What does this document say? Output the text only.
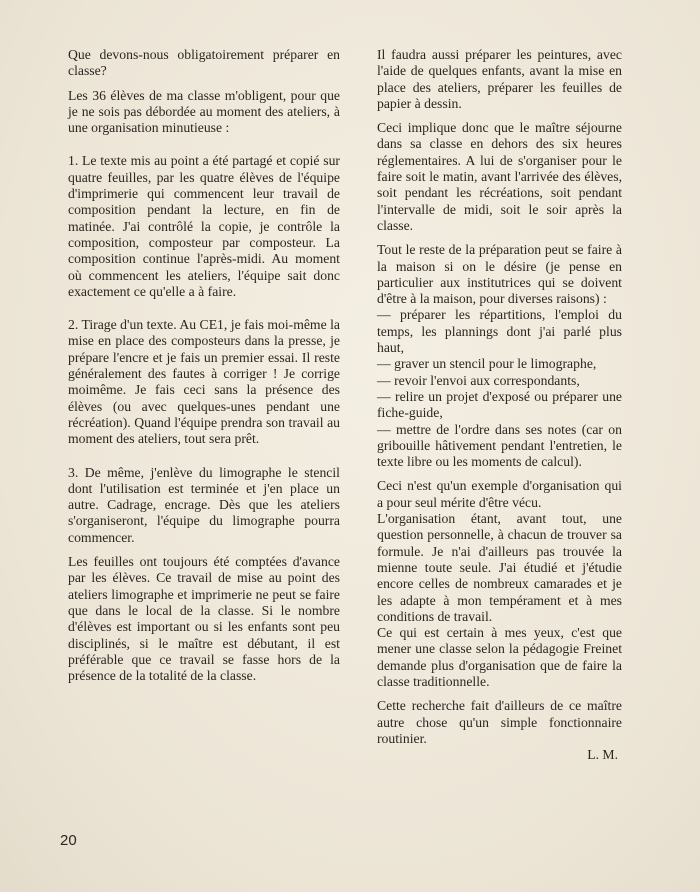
Que devons-nous obligatoirement préparer en classe?

Les 36 élèves de ma classe m'obligent, pour que je ne sois pas débordée au moment des ateliers, à une organisation minutieuse :

1. Le texte mis au point a été partagé et copié sur quatre feuilles, par les quatre élèves de l'équipe d'imprimerie qui commencent leur travail de composition pendant la lecture, en fin de matinée. J'ai contrôlé la copie, je contrôle la composition, composteur par composteur. La composition continue l'après-midi. Au moment où commencent les ateliers, l'équipe sait donc exactement ce qu'elle a à faire.

2. Tirage d'un texte. Au CE1, je fais moi-même la mise en place des composteurs dans la presse, je prépare l'encre et je fais un premier essai. Il reste généralement des fautes à corriger ! Je corrige moimême. Je fais ceci sans la présence des élèves (ou avec quelques-unes pendant une récréation). Quand l'équipe prendra son travail au moment des ateliers, tout sera prêt.

3. De même, j'enlève du limographe le stencil dont l'utilisation est terminée et j'en place un autre. Cadrage, encrage. Dès que les ateliers s'organiseront, l'équipe du limographe pourra commencer.

Les feuilles ont toujours été comptées d'avance par les élèves. Ce travail de mise au point des ateliers limographe et imprimerie ne peut se faire que dans le local de la classe. Si le nombre d'élèves est important ou si les enfants sont peu disciplinés, si le maître est débutant, il est préférable que ce travail se fasse hors de la présence de la totalité de la classe.

Il faudra aussi préparer les peintures, avec l'aide de quelques enfants, avant la mise en place des ateliers, préparer les feuilles de papier à dessin.

Ceci implique donc que le maître séjourne dans sa classe en dehors des six heures réglementaires. A lui de s'organiser pour le faire soit le matin, avant l'arrivée des élèves, soit pendant les récréations, soit pendant l'intervalle de midi, soit le soir après la classe.

Tout le reste de la préparation peut se faire à la maison si on le désire (je pense en particulier aux institutrices qui se doivent d'être à la maison, pour diverses raisons) :

— préparer les répartitions, l'emploi du temps, les plannings dont j'ai parlé plus haut,

— graver un stencil pour le limographe,

— revoir l'envoi aux correspondants,

— relire un projet d'exposé ou préparer une fiche-guide,

— mettre de l'ordre dans ses notes (car on gribouille hâtivement pendant l'entretien, le texte libre ou les moments de calcul).

Ceci n'est qu'un exemple d'organisation qui a pour seul mérite d'être vécu.

L'organisation étant, avant tout, une question personnelle, à chacun de trouver sa formule. Je n'ai d'ailleurs pas trouvée la mienne toute seule. J'ai étudié et j'étudie encore celles de nombreux camarades et je les adapte à mon tempérament et à mes conditions de travail.

Ce qui est certain à mes yeux, c'est que mener une classe selon la pédagogie Freinet demande plus d'organisation que de faire la classe traditionnelle.

Cette recherche fait d'ailleurs de ce maître autre chose qu'un simple fonctionnaire routinier.

L. M.

20
